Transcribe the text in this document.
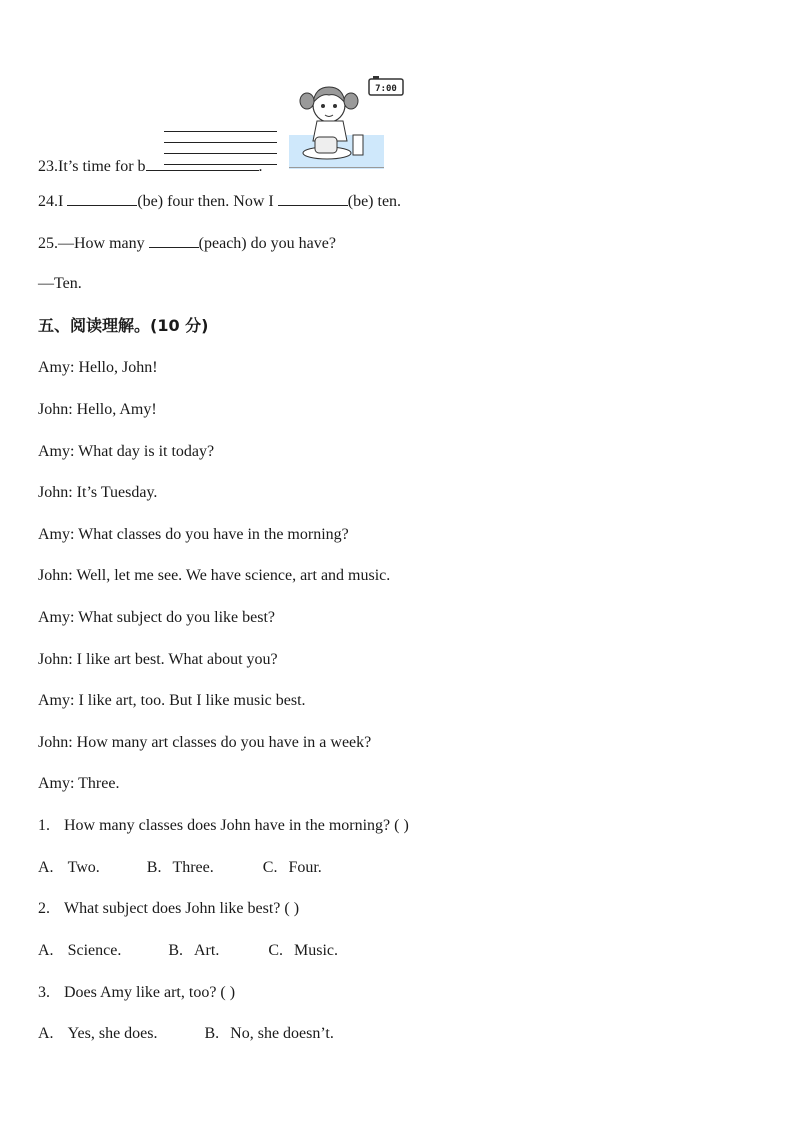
7:00
23.It’s time for b	.
24.I	(be) four then. Now I	(be) ten.
25.—How many	(peach) do you have?
—Ten.
五、阅读理解。(10 分)
Amy: Hello, John!
John: Hello, Amy!
Amy: What day is it today?
John: It’s Tuesday.
Amy: What classes do you have in the morning?
John: Well, let me see. We have science, art and music.
Amy: What subject do you like best?
John: I like art best. What about you?
Amy: I like art, too. But I like music best.
John: How many art classes do you have in a week?
Amy: Three.
1. How many classes does John have in the morning? ( )
A. Two.	B. Three.	C. Four.
2. What subject does John like best? ( )
A. Science.	B. Art.	C. Music.
3. Does Amy like art, too? ( )
A. Yes, she does.	B. No, she doesn’t.
